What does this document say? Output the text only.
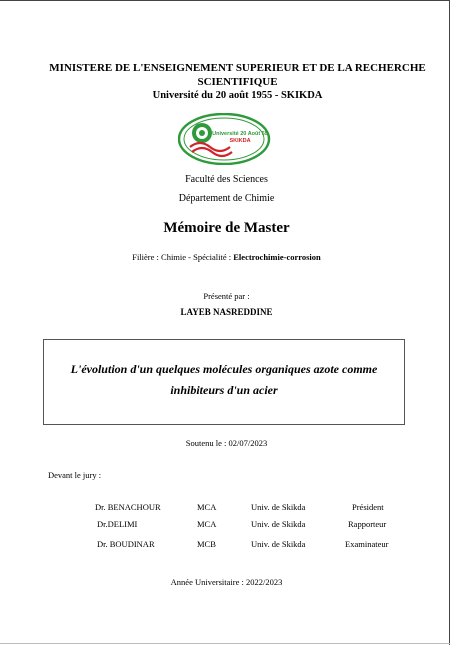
MINISTERE DE L'ENSEIGNEMENT SUPERIEUR ET DE LA RECHERCHE
SCIENTIFIQUE
Université du 20 août 1955 - SKIKDA
Université 20 Août 55
SKIKDA
Faculté des Sciences
Département de Chimie
Mémoire de Master
Filière : Chimie - Spécialité : Electrochimie-corrosion
Présenté par :
LAYEB NASREDDINE
L'évolution d'un quelques molécules organiques azote comme
inhibiteurs d'un acier
Soutenu le : 02/07/2023
Devant le jury :
Dr. BENACHOUR	MCA	Univ. de Skikda	Président
Dr.DELIMI	MCA	Univ. de Skikda	Rapporteur
Dr. BOUDINAR	MCB	Univ. de Skikda	Examinateur
Année Universitaire : 2022/2023
